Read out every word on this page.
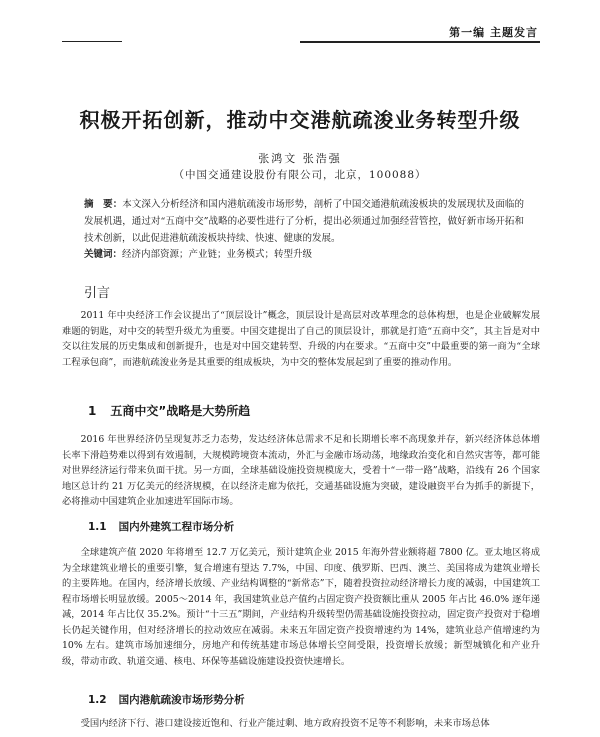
第一编 主题发言
积极开拓创新，推动中交港航疏浚业务转型升级
张鸿文 张浩强
（中国交通建设股份有限公司，北京，100088）
摘　要：本文深入分析经济和国内港航疏浚市场形势，剖析了中国交通港航疏浚板块的发展现状及面临的发展机遇，通过对“五商中交”战略的必要性进行了分析，提出必须通过加强经营管控，做好新市场开拓和技术创新，以此促进港航疏浚板块持续、快速、健康的发展。
关键词：经济内部资源；产业链；业务模式；转型升级
引言
2011 年中央经济工作会议提出了“顶层设计”概念，顶层设计是高层对改革理念的总体构想，也是企业破解发展难题的钥匙，对中交的转型升级尤为重要。中国交建提出了自己的顶层设计，那就是打造“五商中交”，其主旨是对中交以往发展的历史集成和创新提升，也是对中国交建转型、升级的内在要求。“五商中交”中最重要的第一商为“全球工程承包商”，而港航疏浚业务是其重要的组成板块，为中交的整体发展起到了重要的推动作用。
1 五商中交”战略是大势所趋
2016 年世界经济仍呈现复苏乏力态势，发达经济体总需求不足和长期增长率不高现象并存，新兴经济体总体增长率下滑趋势难以得到有效遏制，大规模跨境资本流动，外汇与金融市场动荡，地缘政治变化和自然灾害等，都可能对世界经济运行带来负面干扰。另一方面，全球基础设施投资规模庞大，受着十“一带一路”战略，沿线有 26 个国家地区总计约 21 万亿美元的经济规模，在以经济走廊为依托，交通基础设施为突破，建设融资平台为抓手的新提下，必将推动中国建筑企业加速进军国际市场。
1.1 国内外建筑工程市场分析
全球建筑产值 2020 年将增至 12.7 万亿美元，预计建筑企业 2015 年海外营业额将超 7800 亿。亚太地区将成为全球建筑业增长的重要引擎，复合增速有望达 7.7%，中国、印度、俄罗斯、巴西、澳兰、美国将成为建筑业增长的主要阵地。在国内，经济增长放缓、产业结构调整的“新常态”下，随着投资拉动经济增长力度的减弱，中国建筑工程市场增长明显放缓。2005～2014 年，我国建筑业总产值约占固定资产投资额比重从 2005 年占比 46.0% 逐年递减，2014 年占比仅 35.2%。预计“十三五”期间，产业结构升级转型仍需基础设施投资拉动，固定资产投资对于稳增长仍起关键作用，但对经济增长的拉动效应在减弱。未来五年固定资产投资增速约为 14%，建筑业总产值增速约为 10% 左右。建筑市场加速细分，房地产和传统基建市场总体增长空间受限，投资增长放缓；新型城镇化和产业升级，带动市政、轨道交通、核电、环保等基础设施建设投资快速增长。
1.2 国内港航疏浚市场形势分析
受国内经济下行、港口建设接近饱和、行业产能过剩、地方政府投资不足等不利影响，未来市场总体
